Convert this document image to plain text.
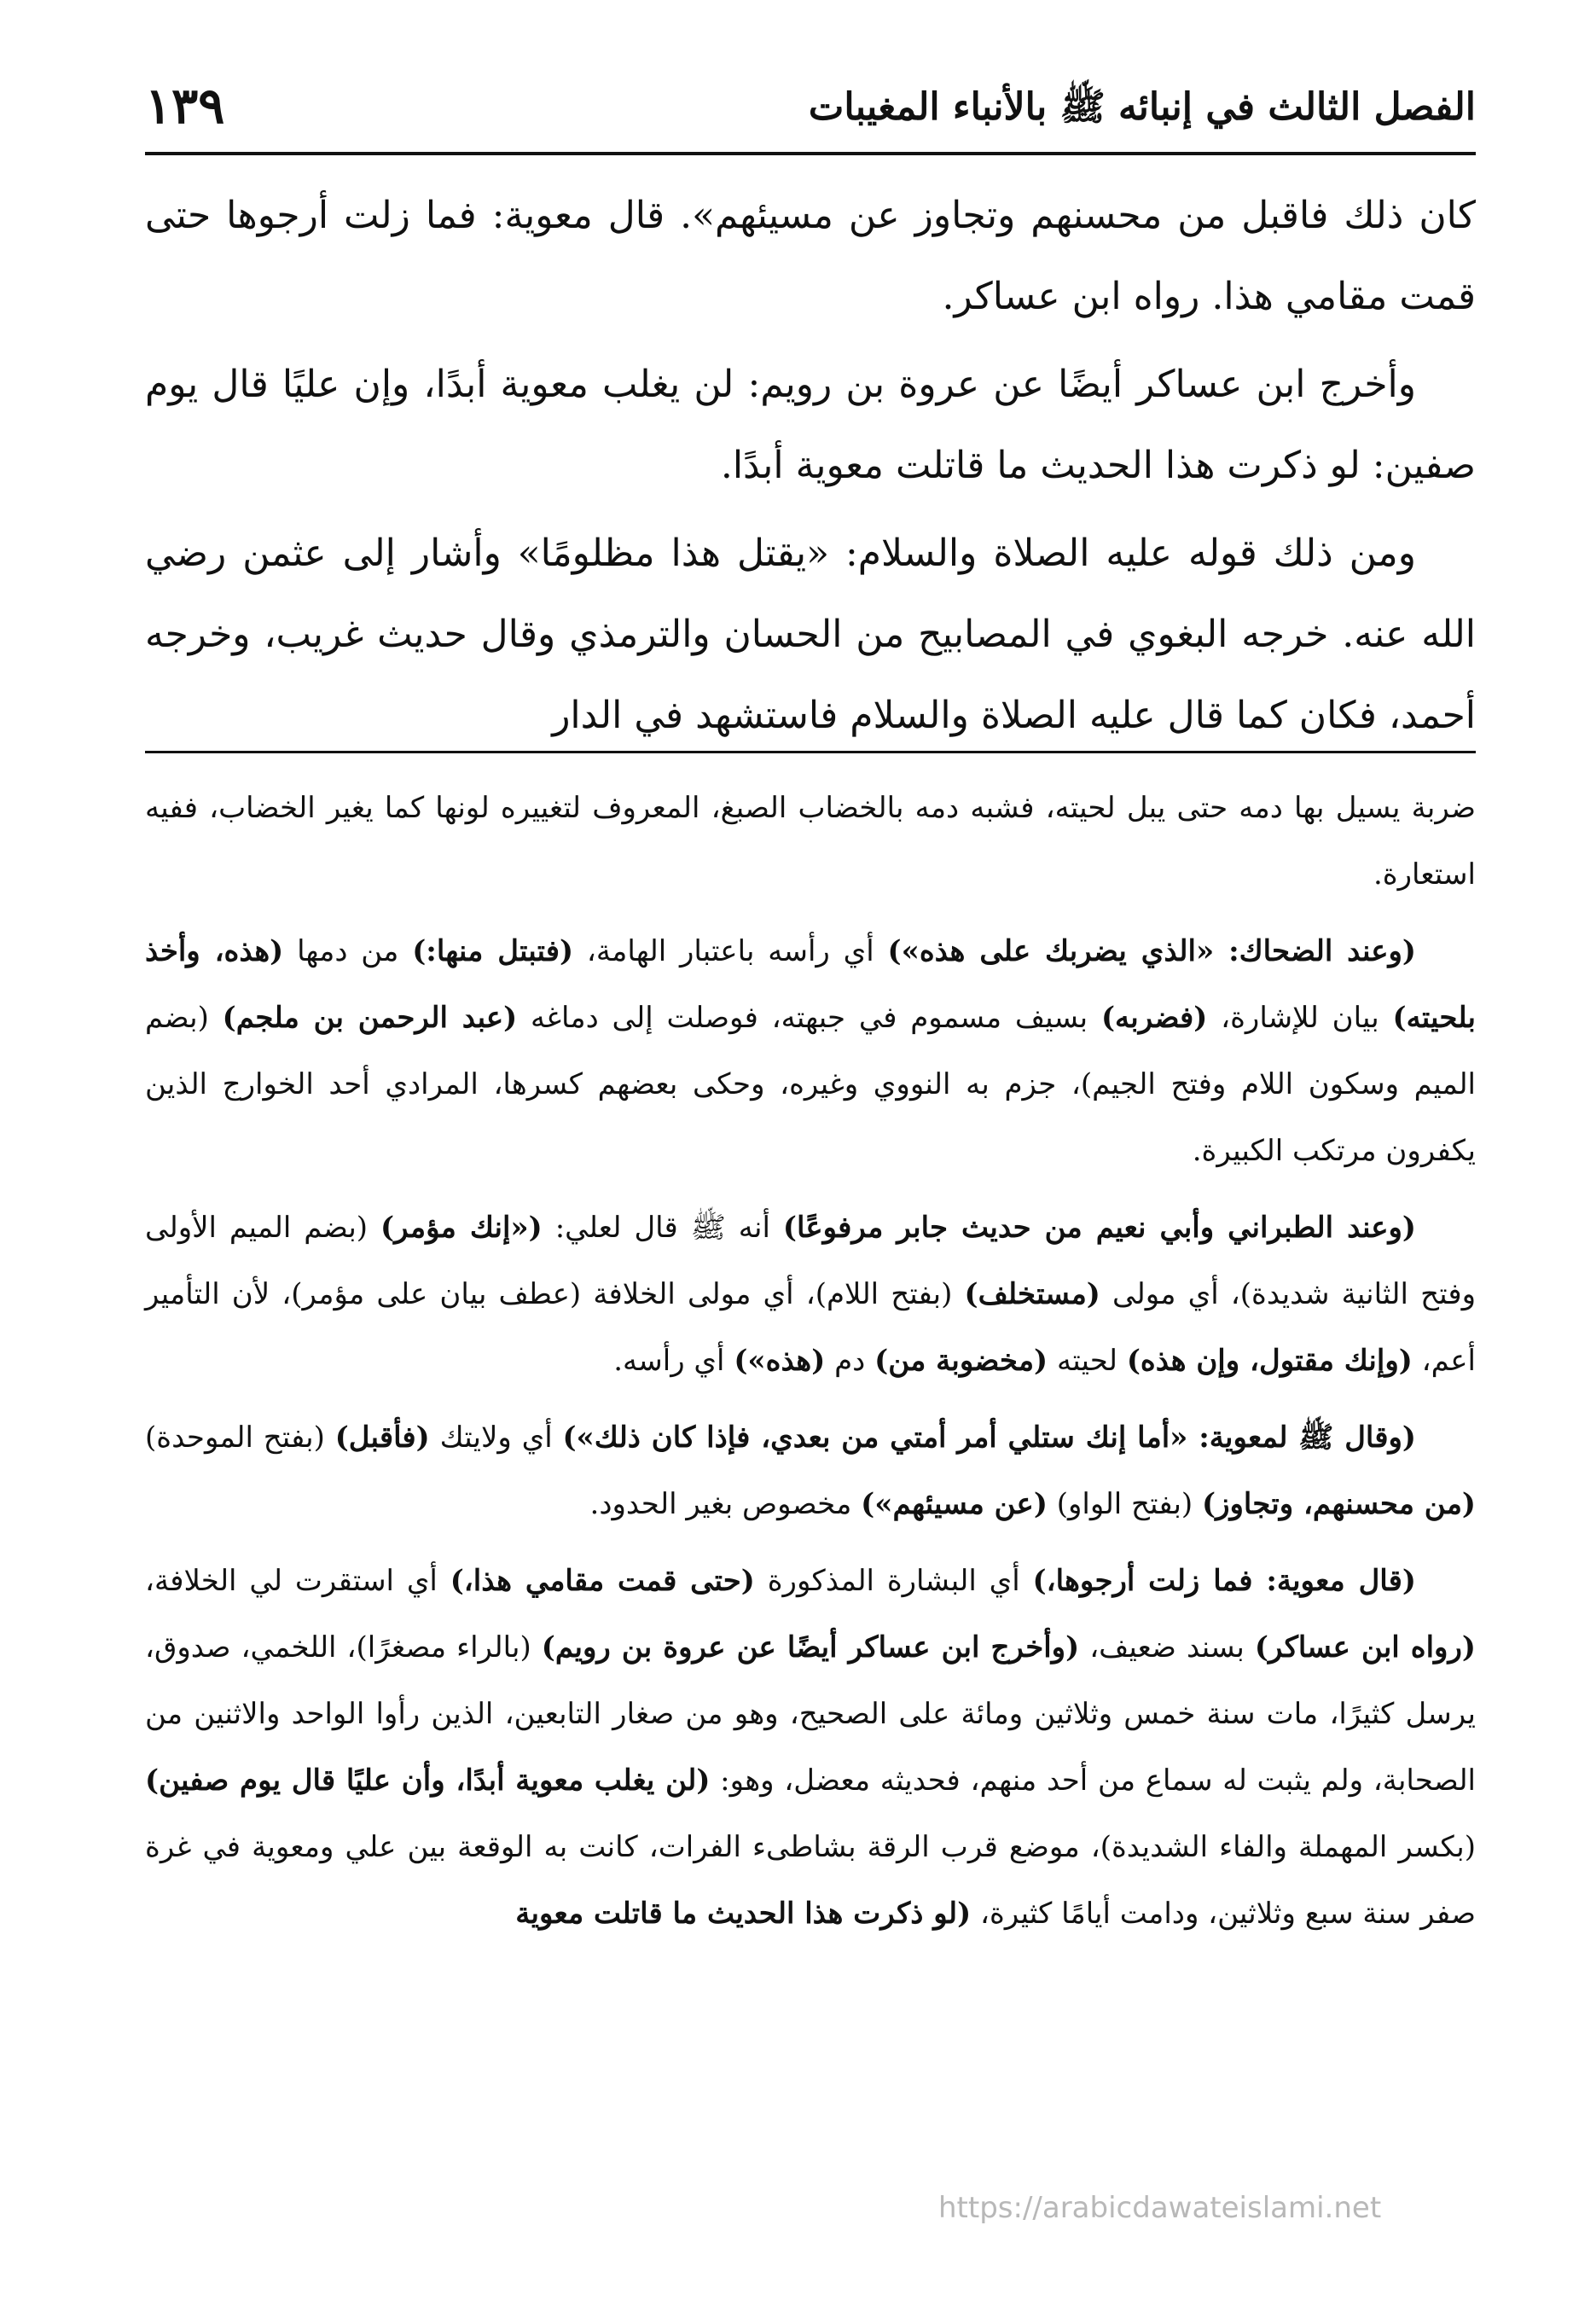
الفصل الثالث في إنبائه ﷺ بالأنباء المغيبات
١٣٩

كان ذلك فاقبل من محسنهم وتجاوز عن مسيئهم». قال معوية: فما زلت أرجوها حتى قمت مقامي هذا. رواه ابن عساكر.

وأخرج ابن عساكر أيضًا عن عروة بن رويم: لن يغلب معوية أبدًا، وإن عليًا قال يوم صفين: لو ذكرت هذا الحديث ما قاتلت معوية أبدًا.

ومن ذلك قوله عليه الصلاة والسلام: «يقتل هذا مظلومًا» وأشار إلى عثمن رضي الله عنه. خرجه البغوي في المصابيح من الحسان والترمذي وقال حديث غريب، وخرجه أحمد، فكان كما قال عليه الصلاة والسلام فاستشهد في الدار

ضربة يسيل بها دمه حتى يبل لحيته، فشبه دمه بالخضاب الصبغ، المعروف لتغييره لونها كما يغير الخضاب، ففيه استعارة.

(وعند الضحاك: «الذي يضربك على هذه») أي رأسه باعتبار الهامة، (فتبتل منها:) من دمها (هذه، وأخذ بلحيته) بيان للإشارة، (فضربه) بسيف مسموم في جبهته، فوصلت إلى دماغه (عبد الرحمن بن ملجم) (بضم الميم وسكون اللام وفتح الجيم)، جزم به النووي وغيره، وحكى بعضهم كسرها، المرادي أحد الخوارج الذين يكفرون مرتكب الكبيرة.

(وعند الطبراني وأبي نعيم من حديث جابر مرفوعًا) أنه ﷺ قال لعلي: («إنك مؤمر) (بضم الميم الأولى وفتح الثانية شديدة)، أي مولى (مستخلف) (بفتح اللام)، أي مولى الخلافة (عطف بيان على مؤمر)، لأن التأمير أعم، (وإنك مقتول، وإن هذه) لحيته (مخضوبة من) دم (هذه») أي رأسه.

(وقال ﷺ لمعوية: «أما إنك ستلي أمر أمتي من بعدي، فإذا كان ذلك») أي ولايتك (فأقبل) (بفتح الموحدة) (من محسنهم، وتجاوز) (بفتح الواو) (عن مسيئهم») مخصوص بغير الحدود.

(قال معوية: فما زلت أرجوها،) أي البشارة المذكورة (حتى قمت مقامي هذا،) أي استقرت لي الخلافة، (رواه ابن عساكر) بسند ضعيف، (وأخرج ابن عساكر أيضًا عن عروة بن رويم) (بالراء مصغرًا)، اللخمي، صدوق، يرسل كثيرًا، مات سنة خمس وثلاثين ومائة على الصحيح، وهو من صغار التابعين، الذين رأوا الواحد والاثنين من الصحابة، ولم يثبت له سماع من أحد منهم، فحديثه معضل، وهو: (لن يغلب معوية أبدًا، وأن عليًا قال يوم صفين) (بكسر المهملة والفاء الشديدة)، موضع قرب الرقة بشاطىء الفرات، كانت به الوقعة بين علي ومعوية في غرة صفر سنة سبع وثلاثين، ودامت أيامًا كثيرة، (لو ذكرت هذا الحديث ما قاتلت معوية

https://arabicdawateislami.net
